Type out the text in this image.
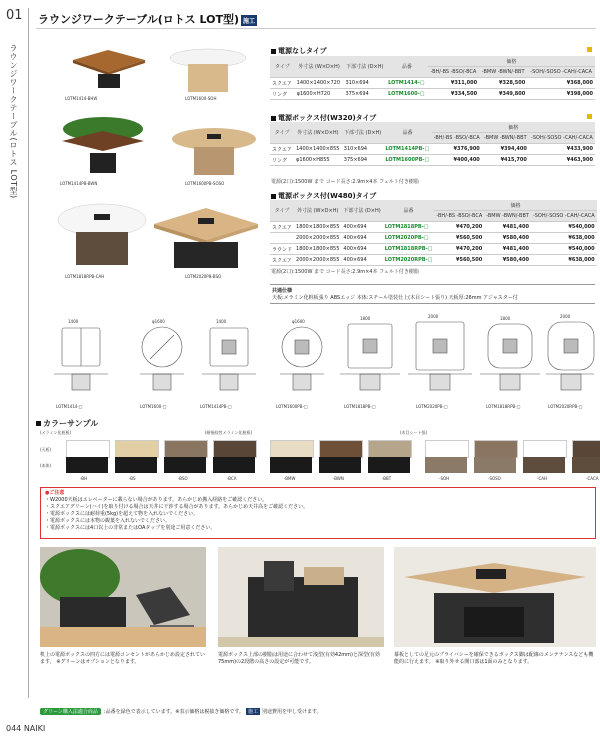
01
ラウンジワークテーブル(ロトス LOT型)
ラウンジワークテーブル(ロトス LOT型) 施工
LOTM1414-BHW	LOTM1600-SOH
LOTM1414PB-BWN	LOTM1600PB-SOSO
LOTM1818RPB-CAH	LOTM2020PB-BSO
電源なしタイプ
タイプ	外寸法 (W×D×H)	下部寸法 (D×H)	品番	価格		
				-BH/-BS -BSO/-BCA	-BMW -BWN/-BBT	-SOH/-SOSO -CAH/-CACA
スクエア	1400×1400×720	310×694	LOTM1414-□	¥311,000	¥328,500	¥368,000
リング	φ1600×H720	375×694	LOTM1600-□	¥334,500	¥349,800	¥398,000
電源ボックス付(W320)タイプ
タイプ	外寸法 (W×D×H)	下部寸法 (D×H)	品番	価格		
				-BH/-BS -BSO/-BCA	-BMW -BWN/-BBT	-SOH/-SOSO -CAH/-CACA
スクエア	1400×1400×855	310×694	LOTM1414PB-□	¥376,900	¥394,400	¥433,900
リング	φ1600×H855	375×694	LOTM1600PB-□	¥400,400	¥415,700	¥463,900
電源(2口):1500W まで コード長さ:2.9m×4本 フェルト付き樹脂
電源ボックス付(W480)タイプ
タイプ	外寸法 (W×D×H)	下部寸法 (D×H)	品番	価格		
				-BH/-BS -BSO/-BCA	-BMW -BWN/-BBT	-SOH/-SOSO -CAH/-CACA
スクエア	1800×1800×855	400×694	LOTM1818PB-□	¥470,200	¥481,400	¥540,000
	2000×2000×855	400×694	LOTM2020PB-□	¥560,500	¥580,400	¥638,000
ラウンド	1800×1800×855	400×694	LOTM1818RPB-□	¥470,200	¥481,400	¥540,000
スクエア	2000×2000×855	400×694	LOTM2020RPB-□	¥560,500	¥580,400	¥638,000
電源(2口):1500W まで コード長さ:2.9m×4本 フェルト付き樹脂
共通仕様
天板:メラミン化粧板張り ABSエッジ 本体:スチール塗装仕上(木目シート張り) 天板厚:26mm アジャスター付
1400
LOTM1414-□
φ1600
LOTM1600-□
1400
LOTM1414PB-□
φ1600
LOTM1600PB-□
1800
LOTM1818PB-□
2000
LOTM2020PB-□
1800
LOTM1818RPB-□
2000
LOTM2020RPB-□
カラーサンプル
(メラミン化粧板)	(耐指紋性メラミン化粧板)	(木目シート張)
(天板)
(本体)
-BH	-BS	-BSO	-BCA	-BMW	-BWN	-BBT	-SOH	-SOSO	-CAH	-CACA
●ご注意
・W2000天板はエレベーターに載らない場合があります。あらかじめ搬入経路をご確認ください。
・スクエアグリーン(ハイ)を取り付ける場合は天井に干渉する場合があります。あらかじめ天井高をご確認ください。
・電源ボックスには耐荷重(5kg)を超えて物を入れないでください。
・電源ボックスには本物の観葉を入れないでください。
・電源ボックスには4口以上の非常またはOAタップを別途ご用意ください。
机上の電源ボックスの四方には電源コンセントがあらかじめ設定されています。 ※グリーンはオプションとなります。
電源ボックス上部の樹脂は用途に合わせて浅型(有効42mm)と深型(有効75mm)の2段階の高さの設定が可能です。
幕板としての足元のプライバシーを確保できるボックス脚は配線のメンテナンスなども機能的に行えます。 ※取り外せる開口部は1面のみとなります。
グリーン購入法適合商品 :品番を緑色で表示しています。※表示価格は税抜き価格です。 施工 別途費用を申し受けます。
044 NAIKI
